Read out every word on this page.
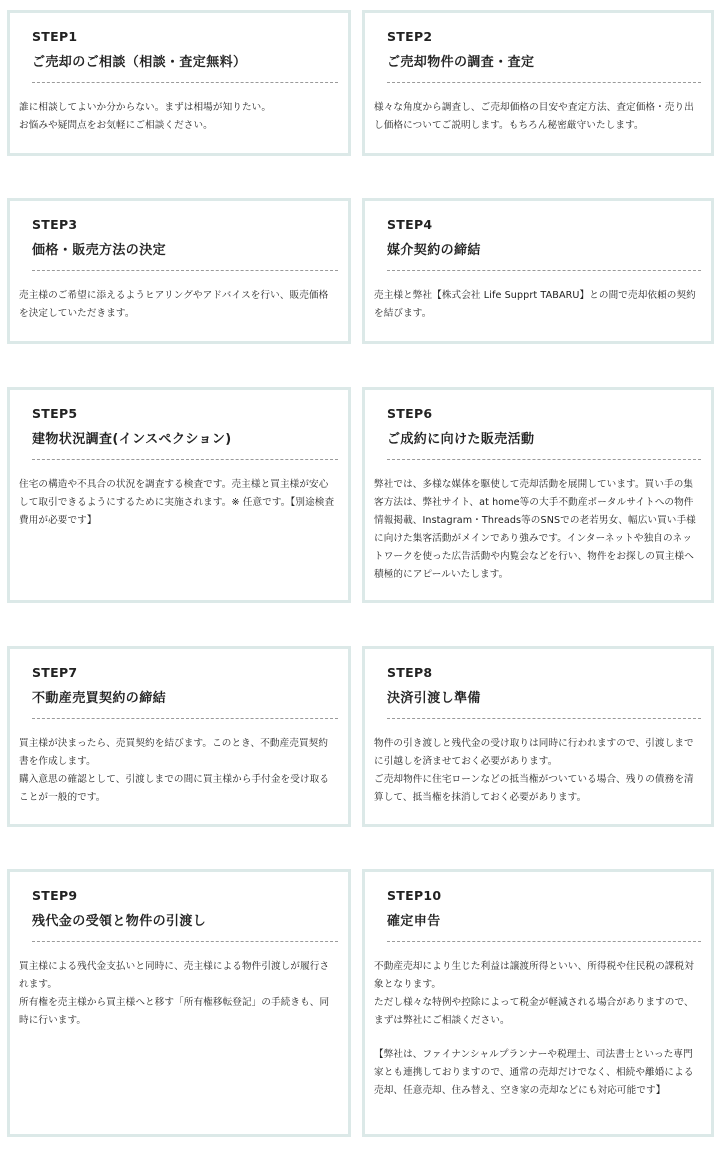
STEP1
ご売却のご相談（相談・査定無料）

誰に相談してよいか分からない。まずは相場が知りたい。
お悩みや疑問点をお気軽にご相談ください。

STEP2
ご売却物件の調査・査定

様々な角度から調査し、ご売却価格の目安や査定方法、査定価格・売り出し価格についてご説明します。もちろん秘密厳守いたします。

STEP3
価格・販売方法の決定

売主様のご希望に添えるようヒアリングやアドバイスを行い、販売価格を決定していただきます。

STEP4
媒介契約の締結

売主様と弊社【株式会社 Life Supprt TABARU】との間で売却依頼の契約を結びます。

STEP5
建物状況調査(インスペクション)

住宅の構造や不具合の状況を調査する検査です。売主様と買主様が安心して取引できるようにするために実施されます。※ 任意です。【別途検査費用が必要です】

STEP6
ご成約に向けた販売活動

弊社では、多様な媒体を駆使して売却活動を展開しています。買い手の集客方法は、弊社サイト、at home等の大手不動産ポータルサイトへの物件情報掲載、Instagram・Threads等のSNSでの老若男女、幅広い買い手様に向けた集客活動がメインであり強みです。インターネットや独自のネットワークを使った広告活動や内覧会などを行い、物件をお探しの買主様へ積極的にアピールいたします。

STEP7
不動産売買契約の締結

買主様が決まったら、売買契約を結びます。このとき、不動産売買契約書を作成します。
購入意思の確認として、引渡しまでの間に買主様から手付金を受け取ることが一般的です。

STEP8
決済引渡し準備

物件の引き渡しと残代金の受け取りは同時に行われますので、引渡しまでに引越しを済ませておく必要があります。
ご売却物件に住宅ローンなどの抵当権がついている場合、残りの債務を清算して、抵当権を抹消しておく必要があります。

STEP9
残代金の受領と物件の引渡し

買主様による残代金支払いと同時に、売主様による物件引渡しが履行されます。
所有権を売主様から買主様へと移す「所有権移転登記」の手続きも、同時に行います。

STEP10
確定申告

不動産売却により生じた利益は譲渡所得といい、所得税や住民税の課税対象となります。
ただし様々な特例や控除によって税金が軽減される場合がありますので、まずは弊社にご相談ください。

【弊社は、ファイナンシャルプランナーや税理士、司法書士といった専門家とも連携しておりますので、通常の売却だけでなく、相続や離婚による売却、任意売却、住み替え、空き家の売却などにも対応可能です】
